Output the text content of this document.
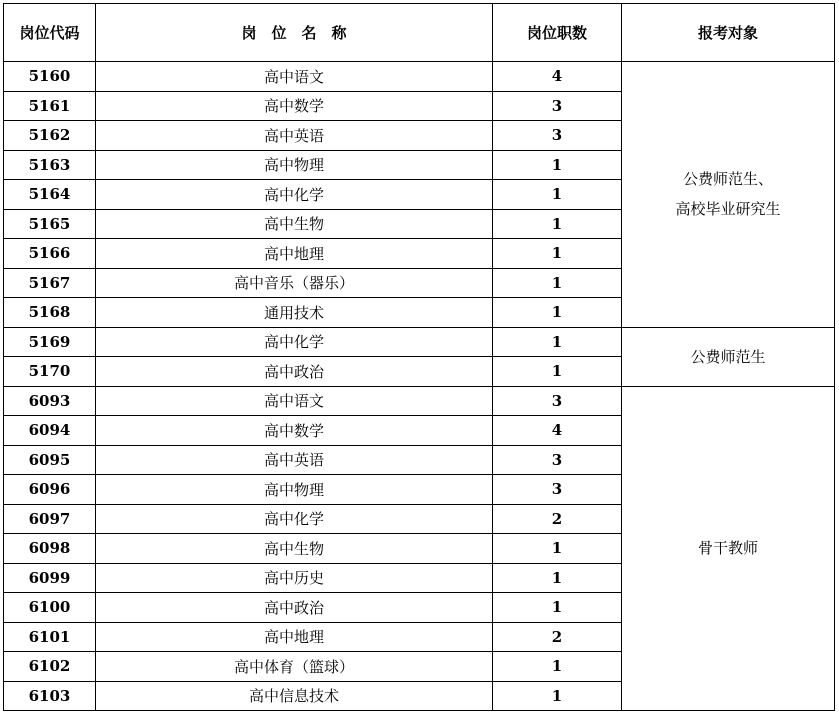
岗位代码	岗　位　名　称	岗位职数	报考对象
5160	高中语文	4	公费师范生、
高校毕业研究生

5161	高中数学	3	
5162	高中英语	3	
5163	高中物理	1	
5164	高中化学	1	
5165	高中生物	1	
5166	高中地理	1	
5167	高中音乐（器乐）	1	
5168	通用技术	1	
5169	高中化学	1	公费师范生

5170	高中政治	1	
6093	高中语文	3	骨干教师

6094	高中数学	4	
6095	高中英语	3	
6096	高中物理	3	
6097	高中化学	2	
6098	高中生物	1	
6099	高中历史	1	
6100	高中政治	1	
6101	高中地理	2	
6102	高中体育（篮球）	1	
6103	高中信息技术	1	
